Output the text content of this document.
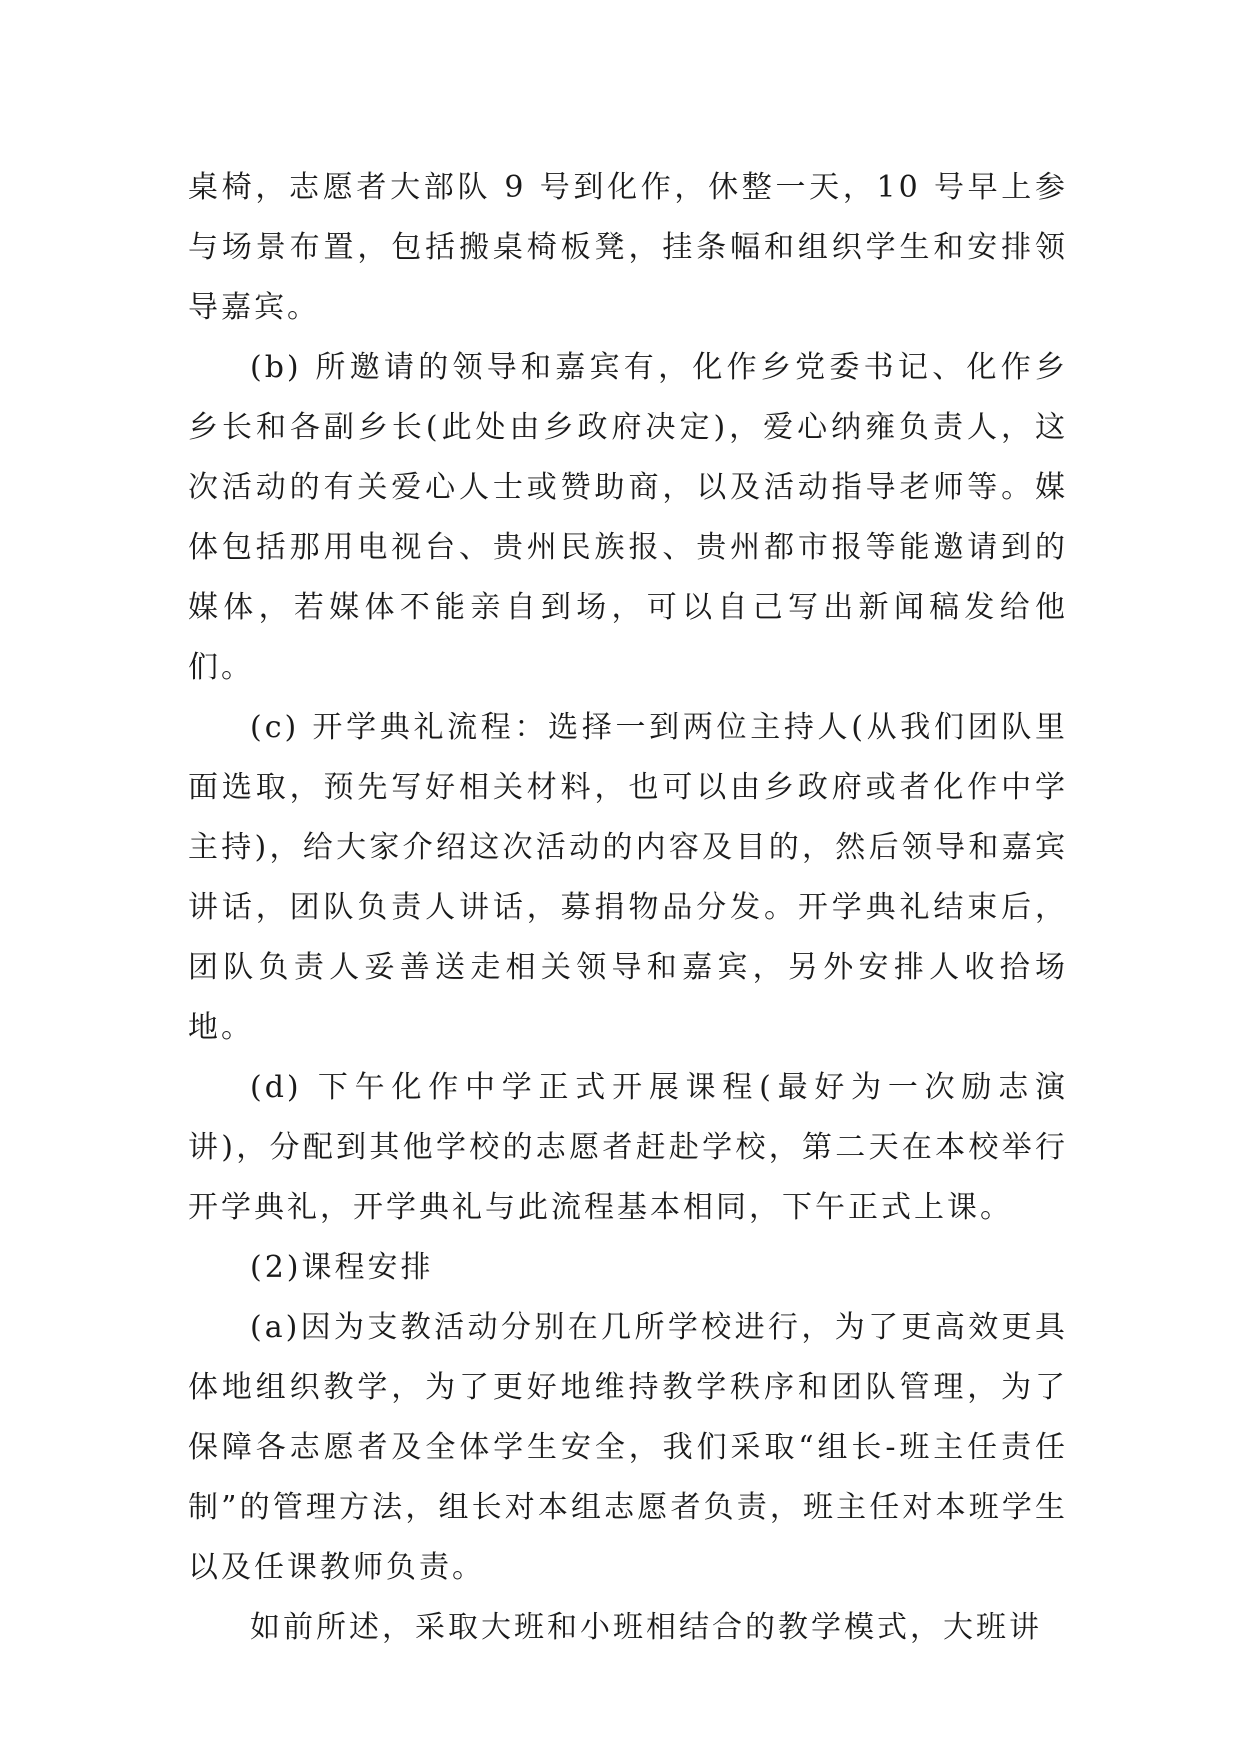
桌椅，志愿者大部队 9 号到化作，休整一天，10 号早上参与场景布置，包括搬桌椅板凳，挂条幅和组织学生和安排领导嘉宾。

(b) 所邀请的领导和嘉宾有，化作乡党委书记、化作乡乡长和各副乡长(此处由乡政府决定)，爱心纳雍负责人，这次活动的有关爱心人士或赞助商，以及活动指导老师等。媒体包括那用电视台、贵州民族报、贵州都市报等能邀请到的媒体，若媒体不能亲自到场，可以自己写出新闻稿发给他们。

(c) 开学典礼流程：选择一到两位主持人(从我们团队里面选取，预先写好相关材料，也可以由乡政府或者化作中学主持)，给大家介绍这次活动的内容及目的，然后领导和嘉宾讲话，团队负责人讲话，募捐物品分发。开学典礼结束后，团队负责人妥善送走相关领导和嘉宾，另外安排人收拾场地。

(d) 下午化作中学正式开展课程(最好为一次励志演讲)，分配到其他学校的志愿者赶赴学校，第二天在本校举行开学典礼，开学典礼与此流程基本相同，下午正式上课。

(2)课程安排

(a)因为支教活动分别在几所学校进行，为了更高效更具体地组织教学，为了更好地维持教学秩序和团队管理，为了保障各志愿者及全体学生安全，我们采取“组长-班主任责任制”的管理方法，组长对本组志愿者负责，班主任对本班学生以及任课教师负责。

如前所述，采取大班和小班相结合的教学模式，大班讲
